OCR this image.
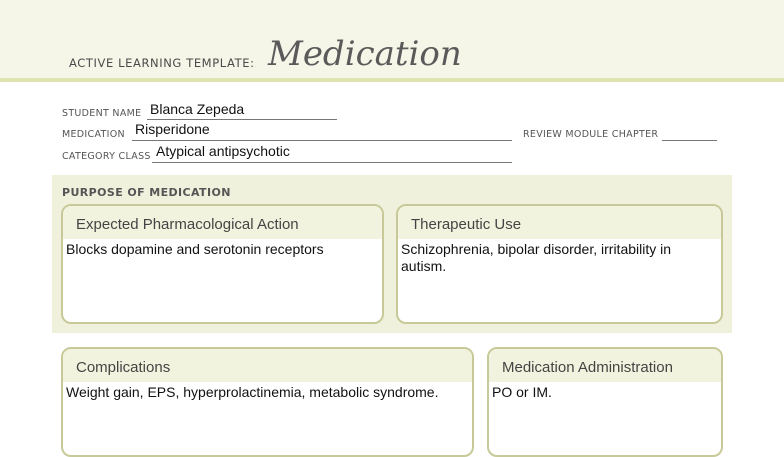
ACTIVE LEARNING TEMPLATE: Medication
STUDENT NAME Blanca Zepeda
MEDICATION Risperidone	REVIEW MODULE CHAPTER
CATEGORY CLASS Atypical antipsychotic
PURPOSE OF MEDICATION
Expected Pharmacological Action
Blocks dopamine and serotonin receptors
Therapeutic Use
Schizophrenia, bipolar disorder, irritability in autism.
Complications
Weight gain, EPS, hyperprolactinemia, metabolic syndrome.
Medication Administration
PO or IM.
